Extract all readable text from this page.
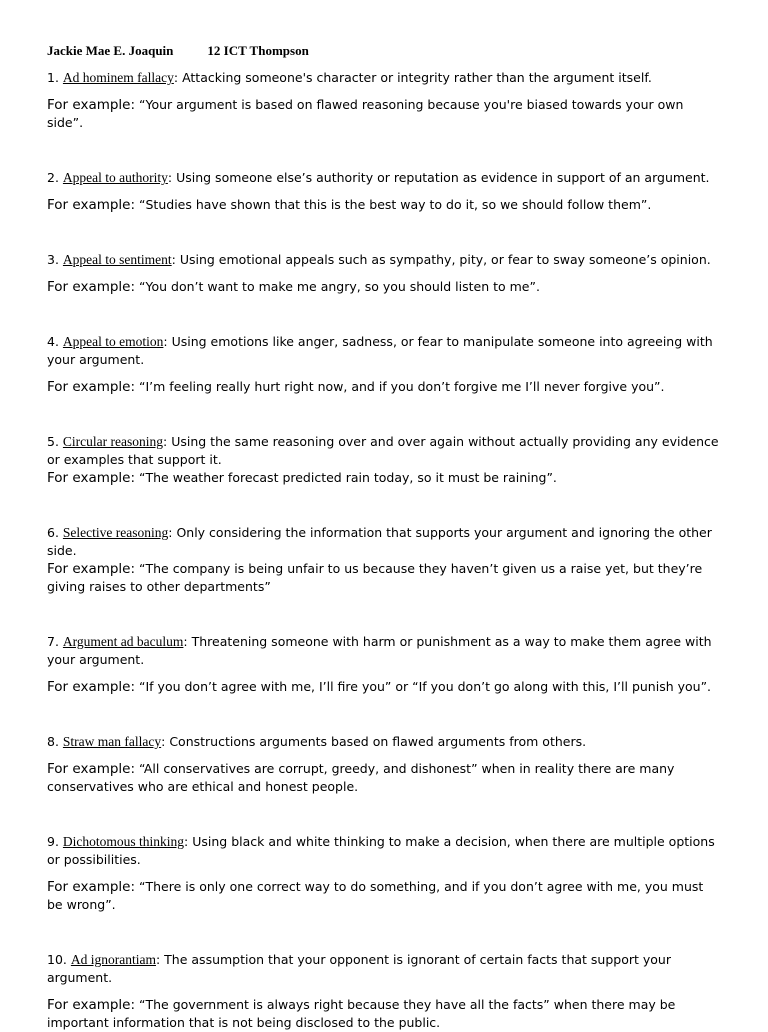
Jackie Mae E. Joaquin	12 ICT Thompson

1. Ad hominem fallacy: Attacking someone's character or integrity rather than the argument itself.

For example: “Your argument is based on flawed reasoning because you're biased towards your own side”.

2. Appeal to authority: Using someone else’s authority or reputation as evidence in support of an argument.

For example: “Studies have shown that this is the best way to do it, so we should follow them”.

3. Appeal to sentiment: Using emotional appeals such as sympathy, pity, or fear to sway someone’s opinion.

For example: “You don’t want to make me angry, so you should listen to me”.

4. Appeal to emotion: Using emotions like anger, sadness, or fear to manipulate someone into agreeing with your argument.

For example: “I’m feeling really hurt right now, and if you don’t forgive me I’ll never forgive you”.

5. Circular reasoning: Using the same reasoning over and over again without actually providing any evidence or examples that support it.

For example: “The weather forecast predicted rain today, so it must be raining”.

6. Selective reasoning: Only considering the information that supports your argument and ignoring the other side.

For example: “The company is being unfair to us because they haven’t given us a raise yet, but they’re giving raises to other departments”

7. Argument ad baculum: Threatening someone with harm or punishment as a way to make them agree with your argument.

For example: “If you don’t agree with me, I’ll fire you” or “If you don’t go along with this, I’ll punish you”.

8. Straw man fallacy: Constructions arguments based on flawed arguments from others.

For example: “All conservatives are corrupt, greedy, and dishonest” when in reality there are many conservatives who are ethical and honest people.

9. Dichotomous thinking: Using black and white thinking to make a decision, when there are multiple options or possibilities.

For example: “There is only one correct way to do something, and if you don’t agree with me, you must be wrong”.

10. Ad ignorantiam: The assumption that your opponent is ignorant of certain facts that support your argument.

For example: “The government is always right because they have all the facts” when there may be important information that is not being disclosed to the public.
